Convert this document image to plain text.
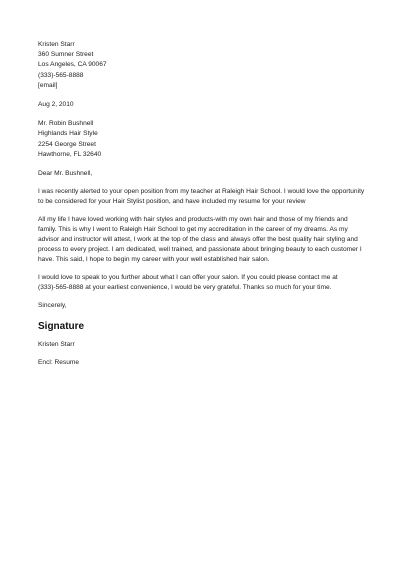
Kristen Starr
360 Sumner Street
Los Angeles, CA 90067
(333)-565-8888
[email]
Aug 2, 2010
Mr. Robin Bushnell
Highlands Hair Style
2254 George Street
Hawthorne, FL 32640
Dear Mr. Bushnell,
I was recently alerted to your open position from my teacher at Raleigh Hair School. I would love the opportunity to be considered for your Hair Stylist position, and have included my resume for your review
All my life I have loved working with hair styles and products-with my own hair and those of my friends and family. This is why I went to Raleigh Hair School to get my accreditation in the career of my dreams. As my advisor and instructor will attest, I work at the top of the class and always offer the best quality hair styling and process to every project. I am dedicated, well trained, and passionate about bringing beauty to each customer I have. This said, I hope to begin my career with your well established hair salon.
I would love to speak to you further about what I can offer your salon. If you could please contact me at (333)-565-8888 at your earliest convenience, I would be very grateful. Thanks so much for your time.
Sincerely,
Signature
Kristen Starr
Encl: Resume
